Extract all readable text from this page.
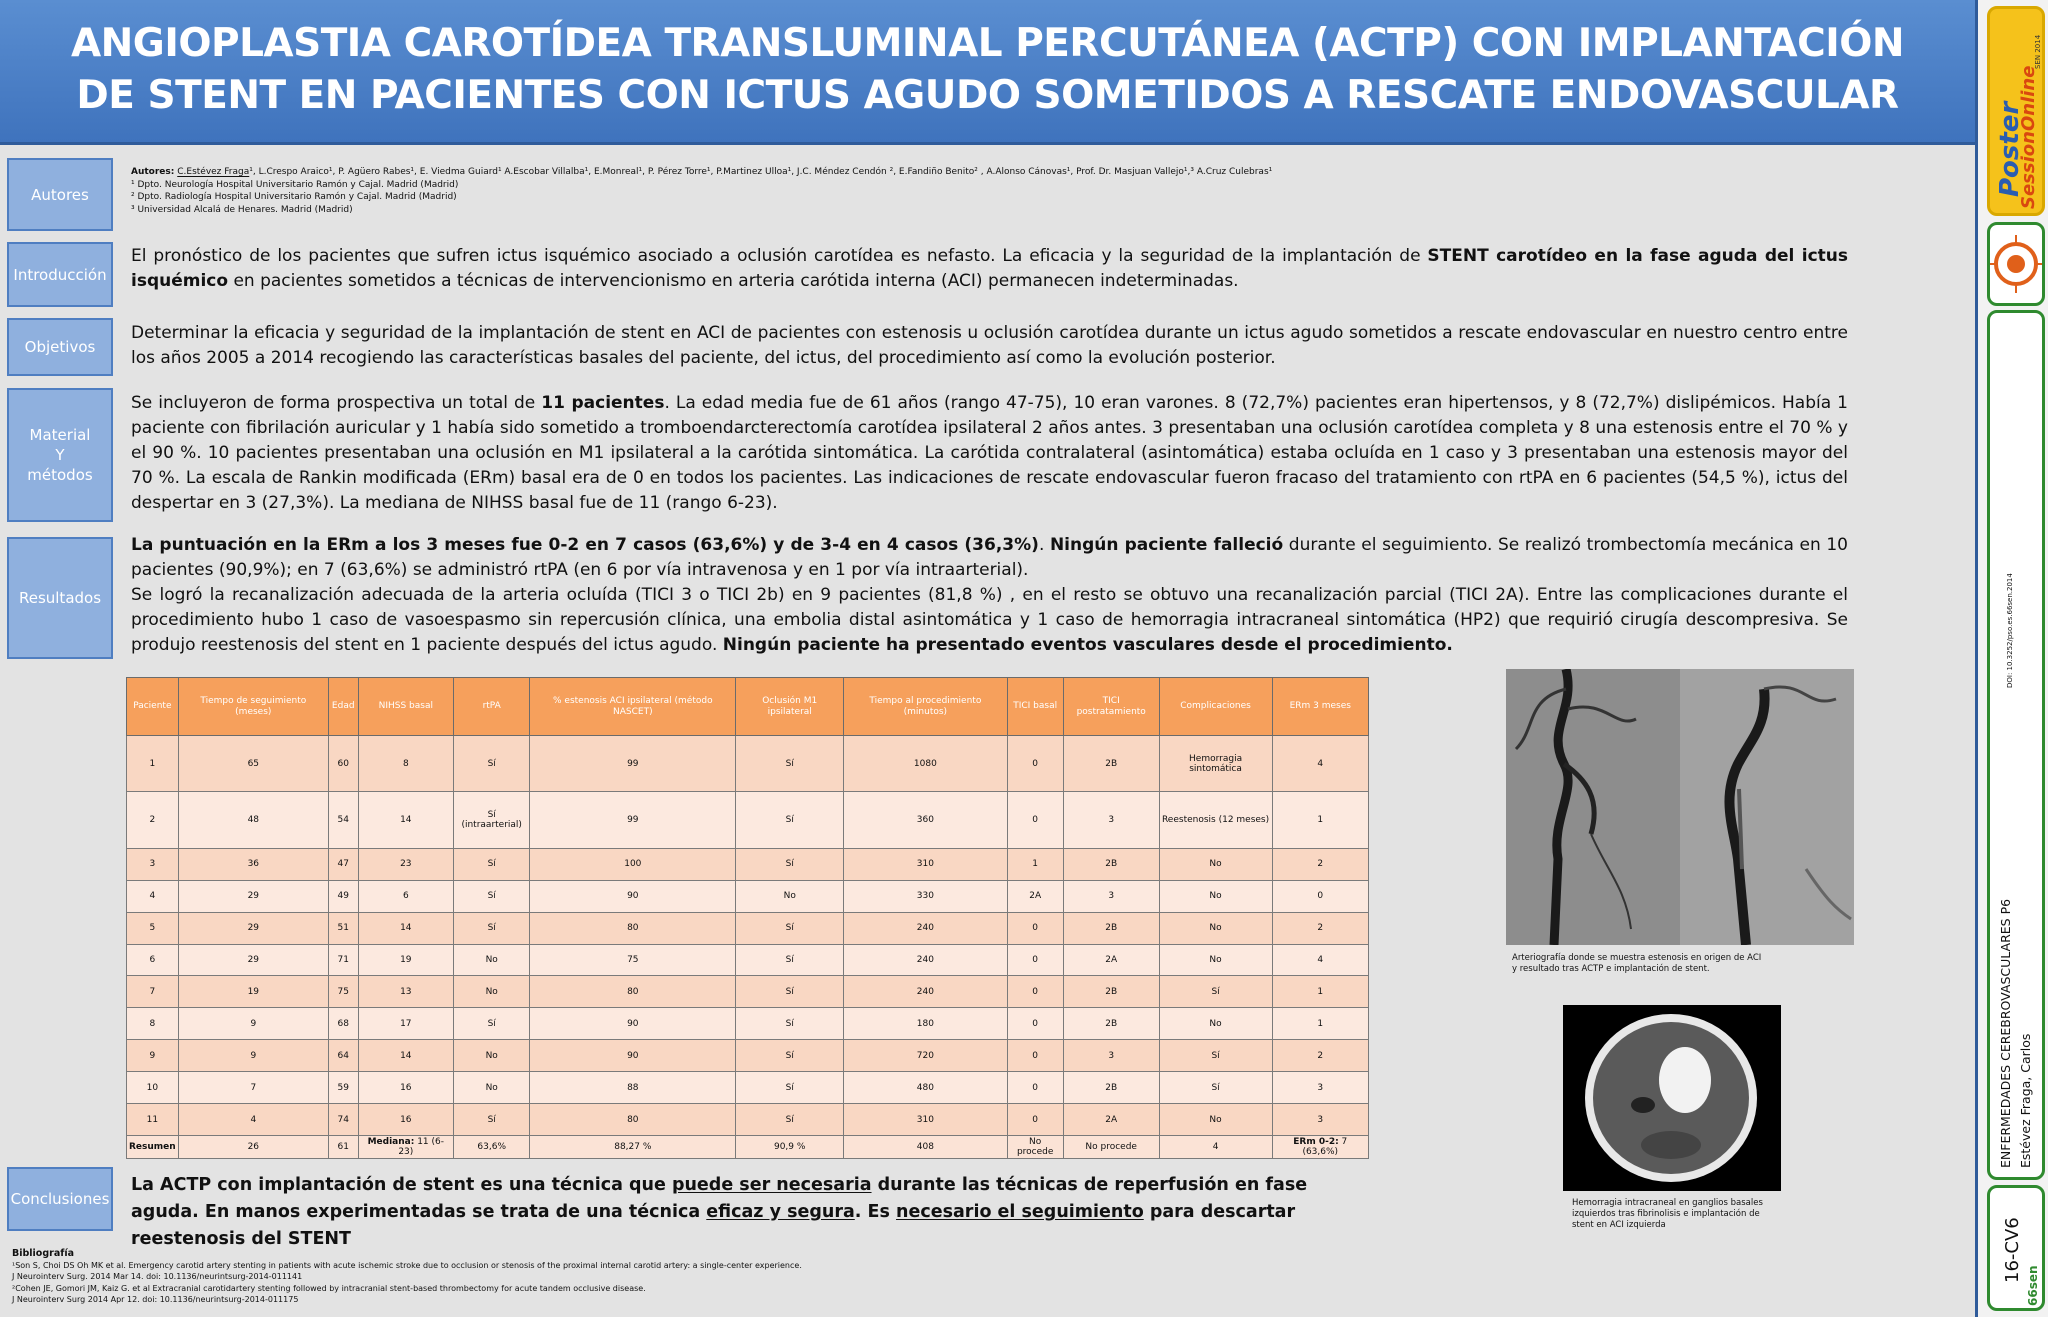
ANGIOPLASTIA CAROTÍDEA TRANSLUMINAL PERCUTÁNEA (ACTP) CON IMPLANTACIÓN
DE STENT EN PACIENTES CON ICTUS AGUDO SOMETIDOS A RESCATE ENDOVASCULAR
Autores
Autores: C.Estévez Fraga¹, L.Crespo Araico¹, P. Agüero Rabes¹, E. Viedma Guiard¹ A.Escobar Villalba¹, E.Monreal¹, P. Pérez Torre¹, P.Martinez Ulloa¹, J.C. Méndez Cendón ², E.Fandiño Benito² , A.Alonso Cánovas¹, Prof. Dr. Masjuan Vallejo¹,³ A.Cruz Culebras¹
¹ Dpto. Neurología Hospital Universitario Ramón y Cajal. Madrid (Madrid)
² Dpto. Radiología Hospital Universitario Ramón y Cajal. Madrid (Madrid)
³ Universidad Alcalá de Henares. Madrid (Madrid)
Introducción
El pronóstico de los pacientes que sufren ictus isquémico asociado a oclusión carotídea es nefasto. La eficacia y la seguridad de la implantación de STENT carotídeo en la fase aguda del ictus isquémico en pacientes sometidos a técnicas de intervencionismo en arteria carótida interna (ACI) permanecen indeterminadas.
Objetivos
Determinar la eficacia y seguridad de la implantación de stent en ACI de pacientes con estenosis u oclusión carotídea durante un ictus agudo sometidos a rescate endovascular en nuestro centro entre los años 2005 a 2014 recogiendo las características basales del paciente, del ictus, del procedimiento así como la evolución posterior.
Material
Y
métodos
Se incluyeron de forma prospectiva un total de 11 pacientes. La edad media fue de 61 años (rango 47-75), 10 eran varones. 8 (72,7%) pacientes eran hipertensos, y 8 (72,7%) dislipémicos. Había 1 paciente con fibrilación auricular y 1 había sido sometido a tromboendarcterectomía carotídea ipsilateral 2 años antes. 3 presentaban una oclusión carotídea completa y 8 una estenosis entre el 70 % y el 90 %. 10 pacientes presentaban una oclusión en M1 ipsilateral a la carótida sintomática. La carótida contralateral (asintomática) estaba ocluída en 1 caso y 3 presentaban una estenosis mayor del 70 %. La escala de Rankin modificada (ERm) basal era de 0 en todos los pacientes. Las indicaciones de rescate endovascular fueron fracaso del tratamiento con rtPA en 6 pacientes (54,5 %), ictus del despertar en 3 (27,3%). La mediana de NIHSS basal fue de 11 (rango 6-23).
Resultados
La puntuación en la ERm a los 3 meses fue 0-2 en 7 casos (63,6%) y de 3-4 en 4 casos (36,3%). Ningún paciente falleció durante el seguimiento. Se realizó trombectomía mecánica en 10 pacientes (90,9%); en 7 (63,6%) se administró rtPA (en 6 por vía intravenosa y en 1 por vía intraarterial).
Se logró la recanalización adecuada de la arteria ocluída (TICI 3 o TICI 2b) en 9 pacientes (81,8 %) , en el resto se obtuvo una recanalización parcial (TICI 2A). Entre las complicaciones durante el procedimiento hubo 1 caso de vasoespasmo sin repercusión clínica, una embolia distal asintomática y 1 caso de hemorragia intracraneal sintomática (HP2) que requirió cirugía descompresiva. Se produjo reestenosis del stent en 1 paciente después del ictus agudo. Ningún paciente ha presentado eventos vasculares desde el procedimiento.
Paciente	Tiempo de seguimiento (meses)	Edad	NIHSS basal	rtPA	% estenosis ACI ipsilateral (método NASCET)	Oclusión M1 ipsilateral	Tiempo al procedimiento (minutos)	TICI basal	TICI postratamiento	Complicaciones	ERm 3 meses
1	65	60	8	Sí	99	Sí	1080	0	2B	Hemorragia sintomática	4
2	48	54	14	Sí (intraarterial)	99	Sí	360	0	3	Reestenosis (12 meses)	1
3	36	47	23	Sí	100	Sí	310	1	2B	No	2
4	29	49	6	Sí	90	No	330	2A	3	No	0
5	29	51	14	Sí	80	Sí	240	0	2B	No	2
6	29	71	19	No	75	Sí	240	0	2A	No	4
7	19	75	13	No	80	Sí	240	0	2B	Sí	1
8	9	68	17	Sí	90	Sí	180	0	2B	No	1
9	9	64	14	No	90	Sí	720	0	3	Sí	2
10	7	59	16	No	88	Sí	480	0	2B	Sí	3
11	4	74	16	Sí	80	Sí	310	0	2A	No	3
Resumen	26	61	Mediana: 11 (6-23)	63,6%	88,27 %	90,9 %	408	No procede	No procede	4	ERm 0-2: 7 (63,6%)
Arteriografía donde se muestra estenosis en origen de ACI y resultado tras ACTP e implantación de stent.
Hemorragia intracraneal en ganglios basales izquierdos tras fibrinolisis e implantación de stent en ACI izquierda
Conclusiones
La ACTP con implantación de stent es una técnica que puede ser necesaria durante las técnicas de reperfusión en fase aguda. En manos experimentadas se trata de una técnica eficaz y segura. Es necesario el seguimiento para descartar reestenosis del STENT
Bibliografía
¹Son S, Choi DS Oh MK et al. Emergency carotid artery stenting in patients with acute ischemic stroke due to occlusion or stenosis of the proximal internal carotid artery: a single-center experience.
J Neurointerv Surg. 2014 Mar 14. doi: 10.1136/neurintsurg-2014-011141
²Cohen JE, Gomori JM, Kaiz G. et al Extracranial carotidartery stenting followed by intracranial stent-based thrombectomy for acute tandem occlusive disease.
J Neurointerv Surg 2014 Apr 12. doi: 10.1136/neurintsurg-2014-011175
Poster
SessionOnline
SEN 2014
DOI: 10.3252/pso.es.66sen.2014
ENFERMEDADES CEREBROVASCULARES P6 Estévez Fraga, Carlos
16-CV6
66sen
